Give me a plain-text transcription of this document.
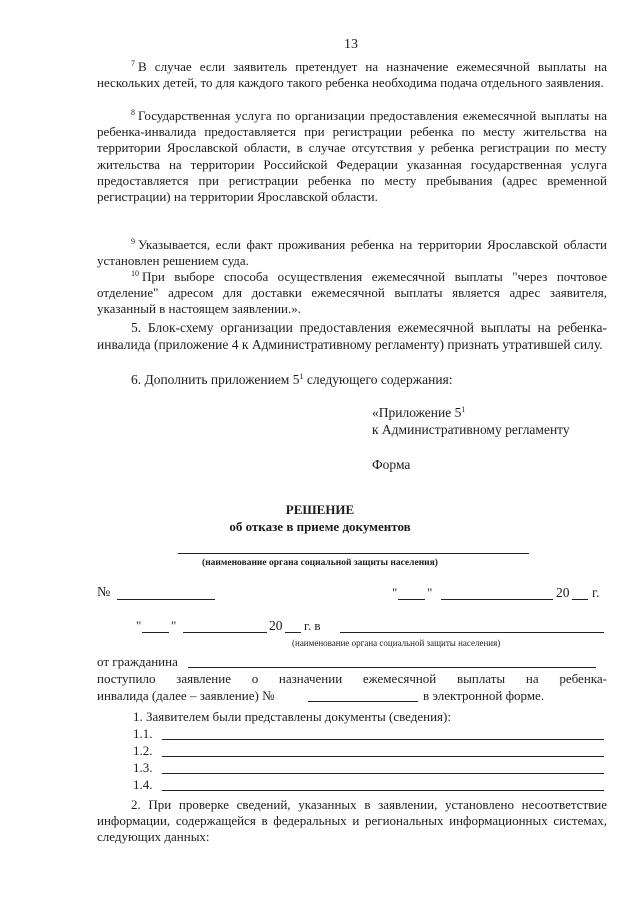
13
$^7$ В случае если заявитель претендует на назначение ежемесячной выплаты на нескольких детей, то для каждого такого ребенка необходима подача отдельного заявления.
$^8$ Государственная услуга по организации предоставления ежемесячной выплаты на ребенка-инвалида предоставляется при регистрации ребенка по месту жительства на территории Ярославской области, в случае отсутствия у ребенка регистрации по месту жительства на территории Российской Федерации указанная государственная услуга предоставляется при регистрации ребенка по месту пребывания (адрес временной регистрации) на территории Ярославской области.
$^9$ Указывается, если факт проживания ребенка на территории Ярославской области установлен решением суда.
$^{10}$ При выборе способа осуществления ежемесячной выплаты "через почтовое отделение" адресом для доставки ежемесячной выплаты является адрес заявителя, указанный в настоящем заявлении.».
5. Блок-схему организации предоставления ежемесячной выплаты на ребенка-инвалида (приложение 4 к Административному регламенту) признать утратившей силу.
6. Дополнить приложением $5^1$ следующего содержания:
«Приложение $5^1$
к Административному регламенту
Форма
РЕШЕНИЕ
об отказе в приеме документов
(наименование органа социальной защиты населения)
№	" "	20 г.
" "	20 г. в
(наименование органа социальной защиты населения)
от гражданина
поступило заявление о назначении ежемесячной выплаты на ребенка-
инвалида (далее – заявление) №	в электронной форме.
1. Заявителем были представлены документы (сведения):
1.1.
1.2.
1.3.
1.4.
2. При проверке сведений, указанных в заявлении, установлено несоответствие информации, содержащейся в федеральных и региональных информационных системах, следующих данных:
